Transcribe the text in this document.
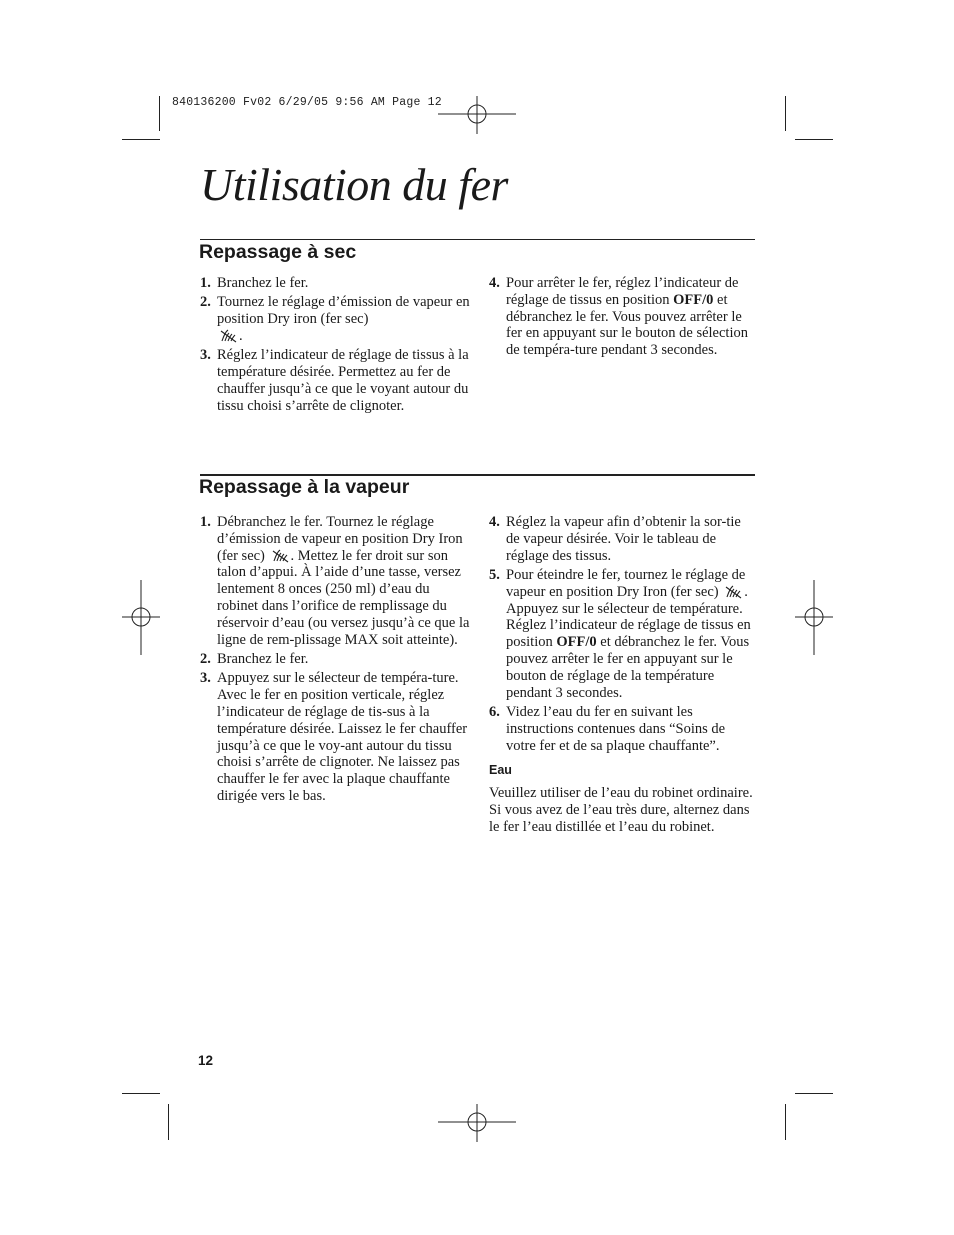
840136200 Fv02 6/29/05 9:56 AM Page 12
Utilisation du fer
Repassage à sec
1. Branchez le fer.
2. Tournez le réglage d’émission de vapeur en position Dry iron (fer sec)
.
3. Réglez l’indicateur de réglage de tissus à la température désirée. Permettez au fer de chauffer jusqu’à ce que le voyant autour du tissu choisi s’arrête de clignoter.
4. Pour arrêter le fer, réglez l’indicateur de réglage de tissus en position OFF/0 et débranchez le fer. Vous pouvez arrêter le fer en appuyant sur le bouton de sélection de tempéra-ture pendant 3 secondes.
Repassage à la vapeur
1. Débranchez le fer. Tournez le réglage d’émission de vapeur en position Dry Iron (fer sec) . Mettez le fer droit sur son talon d’appui. À l’aide d’une tasse, versez lentement 8 onces (250 ml) d’eau du robinet dans l’orifice de remplissage du réservoir d’eau (ou versez jusqu’à ce que la ligne de rem-plissage MAX soit atteinte).
2. Branchez le fer.
3. Appuyez sur le sélecteur de tempéra-ture. Avec le fer en position verticale, réglez l’indicateur de réglage de tis-sus à la température désirée. Laissez le fer chauffer jusqu’à ce que le voy-ant autour du tissu choisi s’arrête de clignoter. Ne laissez pas chauffer le fer avec la plaque chauffante dirigée vers le bas.
4. Réglez la vapeur afin d’obtenir la sor-tie de vapeur désirée. Voir le tableau de réglage des tissus.
5. Pour éteindre le fer, tournez le réglage de vapeur en position Dry Iron (fer sec) . Appuyez sur le sélecteur de température. Réglez l’indicateur de réglage de tissus en position OFF/0 et débranchez le fer. Vous pouvez arrêter le fer en appuyant sur le bouton de réglage de la température pendant 3 secondes.
6. Videz l’eau du fer en suivant les instructions contenues dans “Soins de votre fer et de sa plaque chauffante”.
Eau
Veuillez utiliser de l’eau du robinet ordinaire. Si vous avez de l’eau très dure, alternez dans le fer l’eau distillée et l’eau du robinet.
12
